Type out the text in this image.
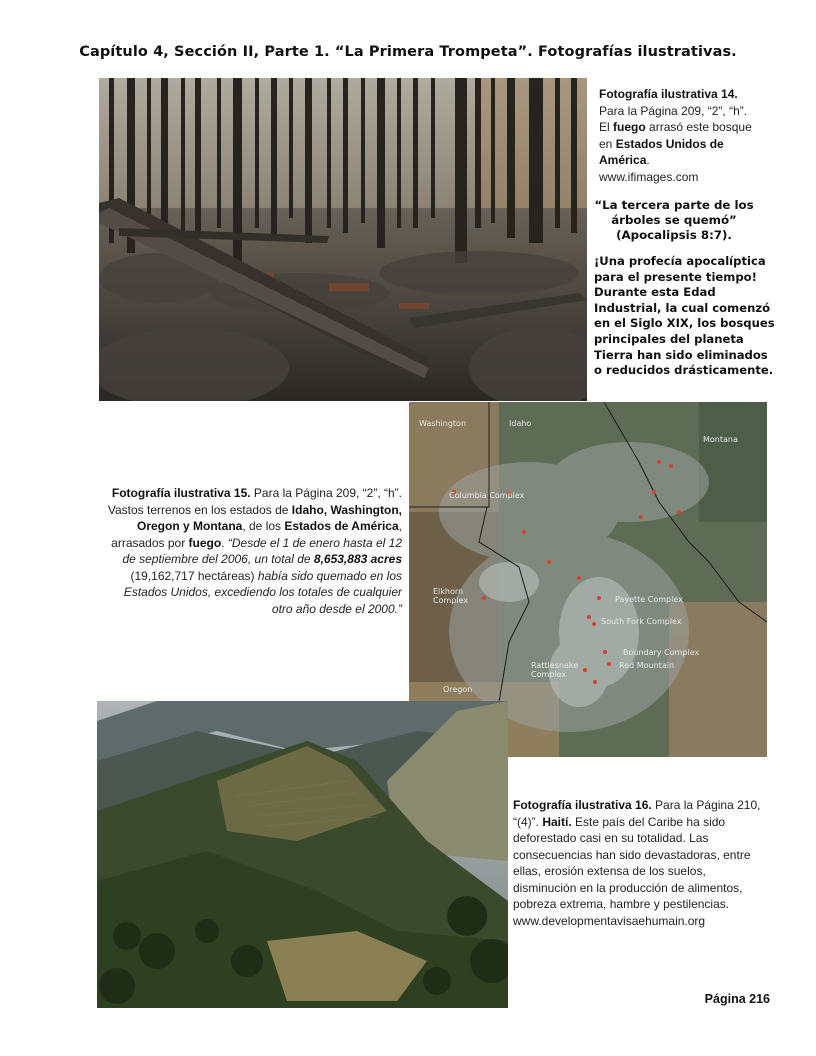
Capítulo 4, Sección II, Parte 1. “La Primera Trompeta”. Fotografías ilustrativas.
Fotografía ilustrativa 14.
Para la Página 209, “2”, “h”.
El fuego arrasó este bosque
en Estados Unidos de
América.
www.ifimages.com
“La tercera parte de los
árboles se quemó”
(Apocalipsis 8:7).
¡Una profecía apocalíptica
para el presente tiempo!
Durante esta Edad
Industrial, la cual comenzó
en el Siglo XIX, los bosques
principales del planeta
Tierra han sido eliminados
o reducidos drásticamente.
Washington	Idaho
Montana
Columbia Complex
Elkhorn
Complex	Payette Complex
South Fork Complex
Boundary Complex
Red Mountain
Rattlesnake
Complex
Oregon
Fotografía ilustrativa 15. Para la Página 209, “2”, “h”.
Vastos terrenos en los estados de Idaho, Washington,
Oregon y Montana, de los Estados de América,
arrasados por fuego. “Desde el 1 de enero hasta el 12
de septiembre del 2006, un total de 8,653,883 acres
(19,162,717 hectáreas) había sido quemado en los
Estados Unidos, excediendo los totales de cualquier
otro año desde el 2000.”
Fotografía ilustrativa 16. Para la Página 210,
“(4)”. Haití. Este país del Caribe ha sido
deforestado casi en su totalidad. Las
consecuencias han sido devastadoras, entre
ellas, erosión extensa de los suelos,
disminución en la producción de alimentos,
pobreza extrema, hambre y pestilencias.
www.developmentavisaehumain.org
Página 216
